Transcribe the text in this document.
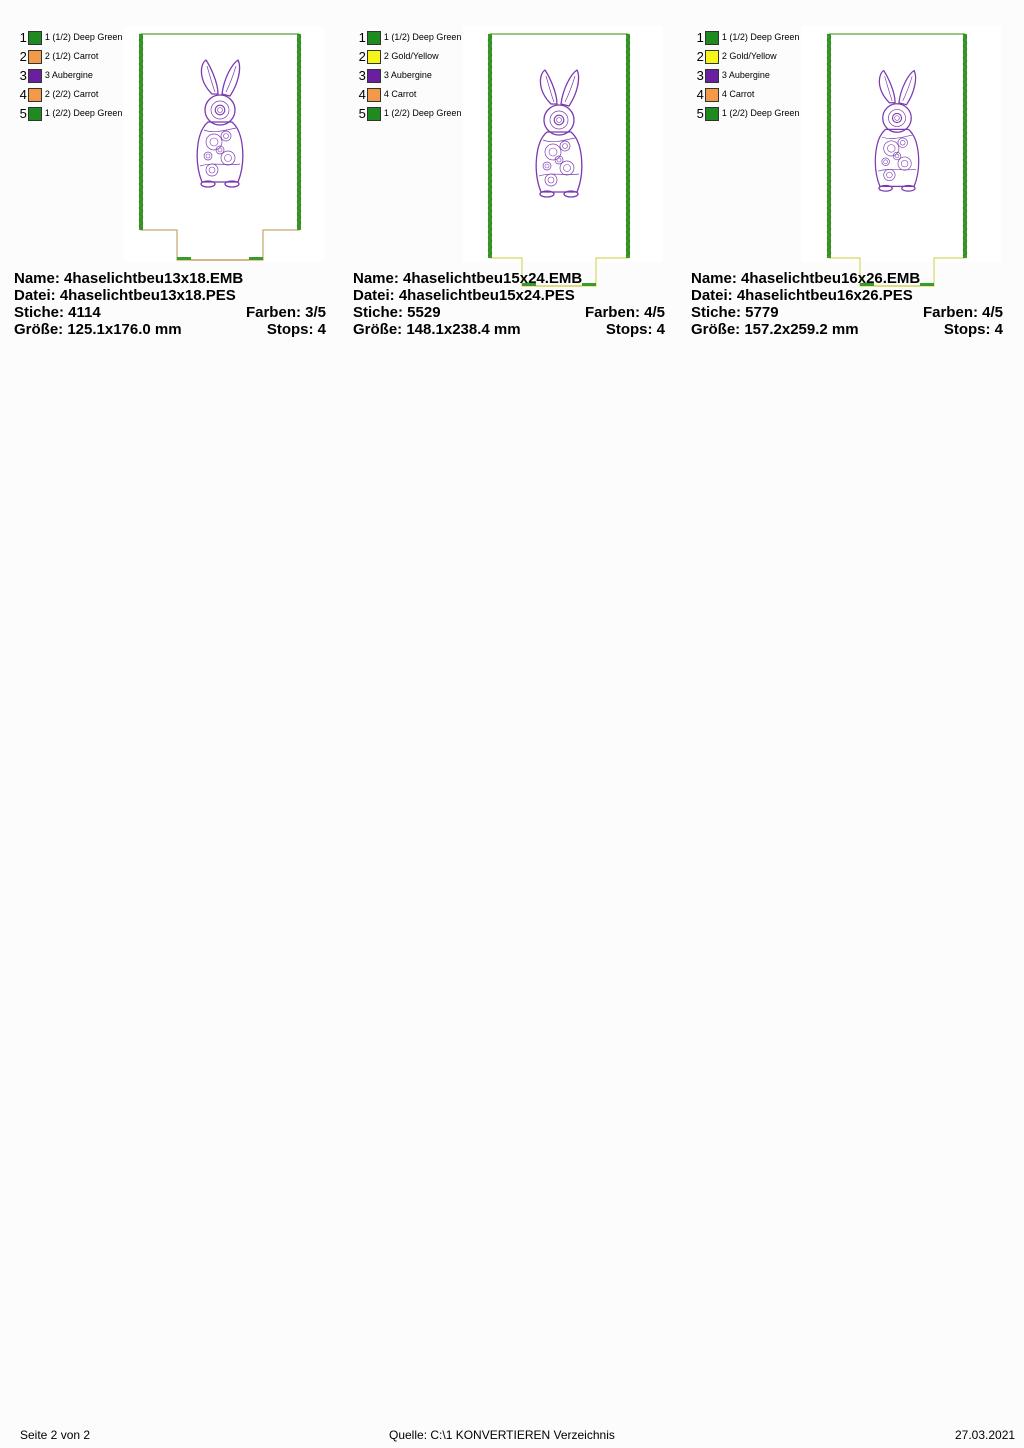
1 1 (1/2) Deep Green
2 2 (1/2) Carrot
3 3 Aubergine
4 2 (2/2) Carrot
5 1 (2/2) Deep Green
Name: 4haselichtbeu13x18.EMB
Datei: 4haselichtbeu13x18.PES
Stiche: 4114	Farben: 3/5
Größe: 125.1x176.0 mm	Stops: 4
1 1 (1/2) Deep Green
2 2 Gold/Yellow
3 3 Aubergine
4 4 Carrot
5 1 (2/2) Deep Green
Name: 4haselichtbeu15x24.EMB
Datei: 4haselichtbeu15x24.PES
Stiche: 5529	Farben: 4/5
Größe: 148.1x238.4 mm	Stops: 4
1 1 (1/2) Deep Green
2 2 Gold/Yellow
3 3 Aubergine
4 4 Carrot
5 1 (2/2) Deep Green
Name: 4haselichtbeu16x26.EMB
Datei: 4haselichtbeu16x26.PES
Stiche: 5779	Farben: 4/5
Größe: 157.2x259.2 mm	Stops: 4
Seite 2 von 2	Quelle: C:\1 KONVERTIEREN Verzeichnis	27.03.2021
